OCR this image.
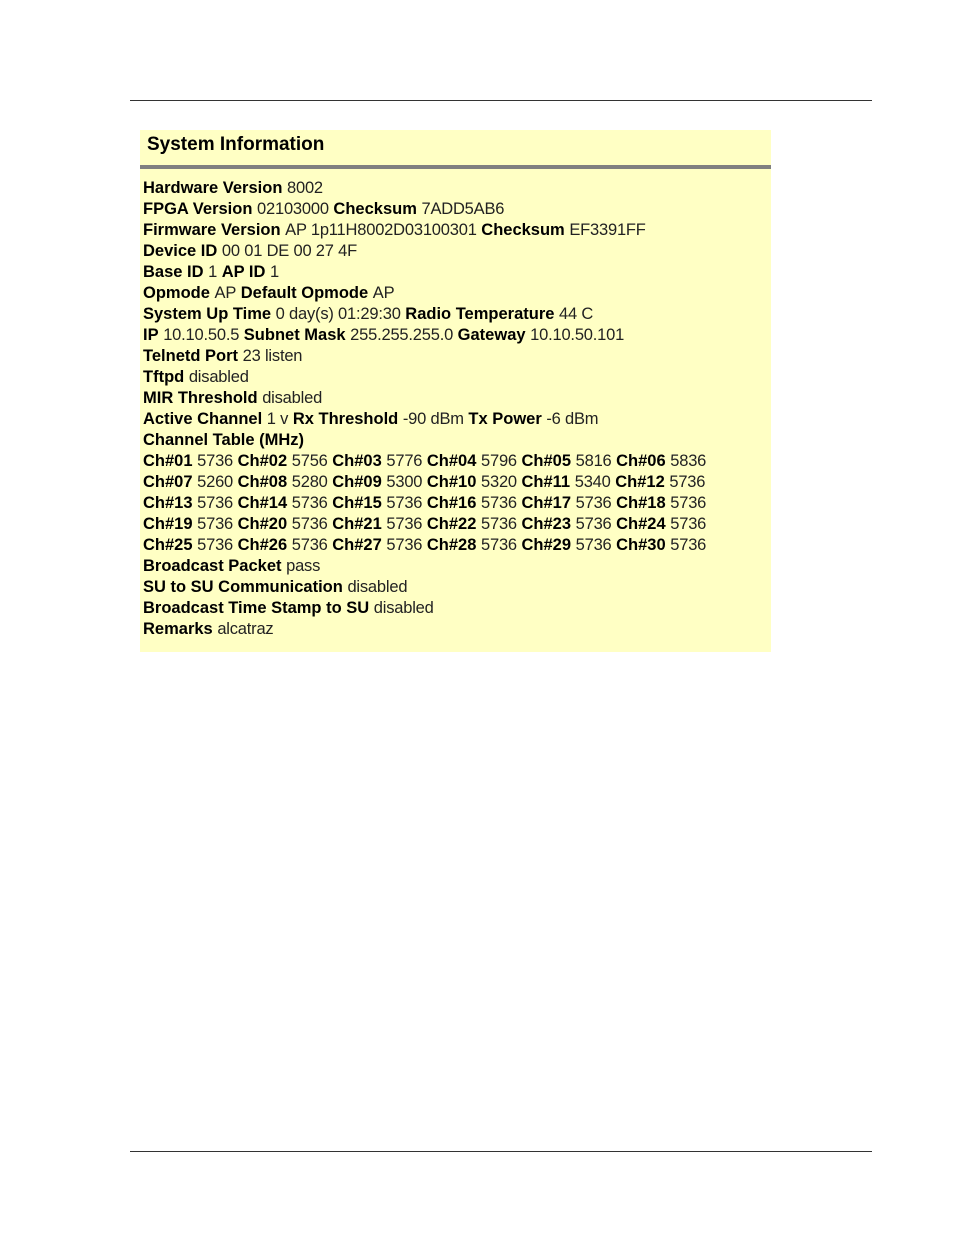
System Information
Hardware Version 8002
FPGA Version 02103000 Checksum 7ADD5AB6
Firmware Version AP 1p11H8002D03100301 Checksum EF3391FF
Device ID 00 01 DE 00 27 4F
Base ID 1 AP ID 1
Opmode AP Default Opmode AP
System Up Time 0 day(s) 01:29:30 Radio Temperature 44 C
IP 10.10.50.5 Subnet Mask 255.255.255.0 Gateway 10.10.50.101
Telnetd Port 23 listen
Tftpd disabled
MIR Threshold disabled
Active Channel 1 v Rx Threshold -90 dBm Tx Power -6 dBm
Channel Table (MHz)
Ch#01 5736 Ch#02 5756 Ch#03 5776 Ch#04 5796 Ch#05 5816 Ch#06 5836
Ch#07 5260 Ch#08 5280 Ch#09 5300 Ch#10 5320 Ch#11 5340 Ch#12 5736
Ch#13 5736 Ch#14 5736 Ch#15 5736 Ch#16 5736 Ch#17 5736 Ch#18 5736
Ch#19 5736 Ch#20 5736 Ch#21 5736 Ch#22 5736 Ch#23 5736 Ch#24 5736
Ch#25 5736 Ch#26 5736 Ch#27 5736 Ch#28 5736 Ch#29 5736 Ch#30 5736
Broadcast Packet pass
SU to SU Communication disabled
Broadcast Time Stamp to SU disabled
Remarks alcatraz
